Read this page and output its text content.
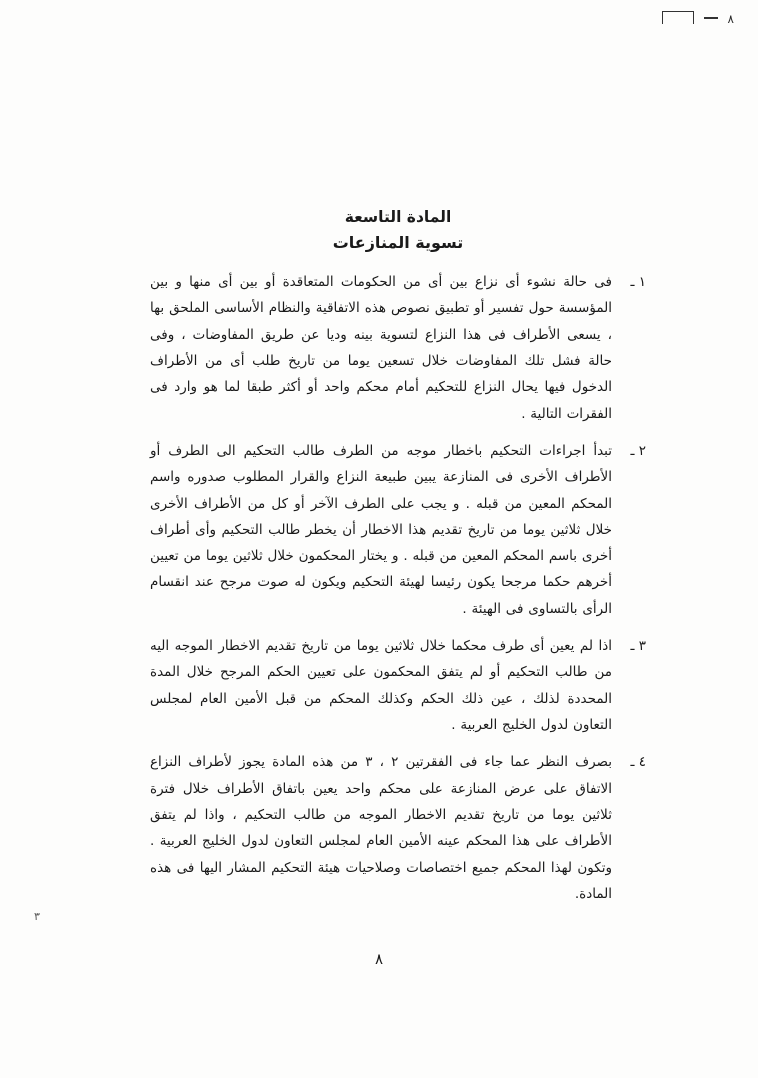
٨
المادة التاسعة
تسوية المنازعات
١ ـ
فى حالة نشوء أى نزاع بين أى من الحكومات المتعاقدة أو بين أى منها و بين المؤسسة حول تفسير أو تطبيق نصوص هذه الاتفاقية والنظام الأساسى الملحق بها ، يسعى الأطراف فى هذا النزاع لتسوية بينه وديا عن طريق المفاوضات ، وفى حالة فشل تلك المفاوضات خلال تسعين يوما من تاريخ طلب أى من الأطراف الدخول فيها يحال النزاع للتحكيم أمام محكم واحد أو أكثر طبقا لما هو وارد فى الفقرات التالية .
٢ ـ
تبدأ اجراءات التحكيم باخطار موجه من الطرف طالب التحكيم الى الطرف أو الأطراف الأخرى فى المنازعة يبين طبيعة النزاع والقرار المطلوب صدوره واسم المحكم المعين من قبله . و يجب على الطرف الآخر أو كل من الأطراف الأخرى خلال ثلاثين يوما من تاريخ تقديم هذا الاخطار أن يخطر طالب التحكيم وأى أطراف أخرى باسم المحكم المعين من قبله . و يختار المحكمون خلال ثلاثين يوما من تعيين أخرهم حكما مرجحا يكون رئيسا لهيئة التحكيم ويكون له صوت مرجح عند انقسام الرأى بالتساوى فى الهيئة .
٣ ـ
اذا لم يعين أى طرف محكما خلال ثلاثين يوما من تاريخ تقديم الاخطار الموجه اليه من طالب التحكيم أو لم يتفق المحكمون على تعيين الحكم المرجح خلال المدة المحددة لذلك ، عين ذلك الحكم وكذلك المحكم من قبل الأمين العام لمجلس التعاون لدول الخليج العربية .
٤ ـ
بصرف النظر عما جاء فى الفقرتين ٢ ، ٣ من هذه المادة يجوز لأطراف النزاع الاتفاق على عرض المنازعة على محكم واحد يعين باتفاق الأطراف خلال فترة ثلاثين يوما من تاريخ تقديم الاخطار الموجه من طالب التحكيم ، واذا لم يتفق الأطراف على هذا المحكم عينه الأمين العام لمجلس التعاون لدول الخليج العربية . وتكون لهذا المحكم جميع اختصاصات وصلاحيات هيئة التحكيم المشار اليها فى هذه المادة.
٣
٨
